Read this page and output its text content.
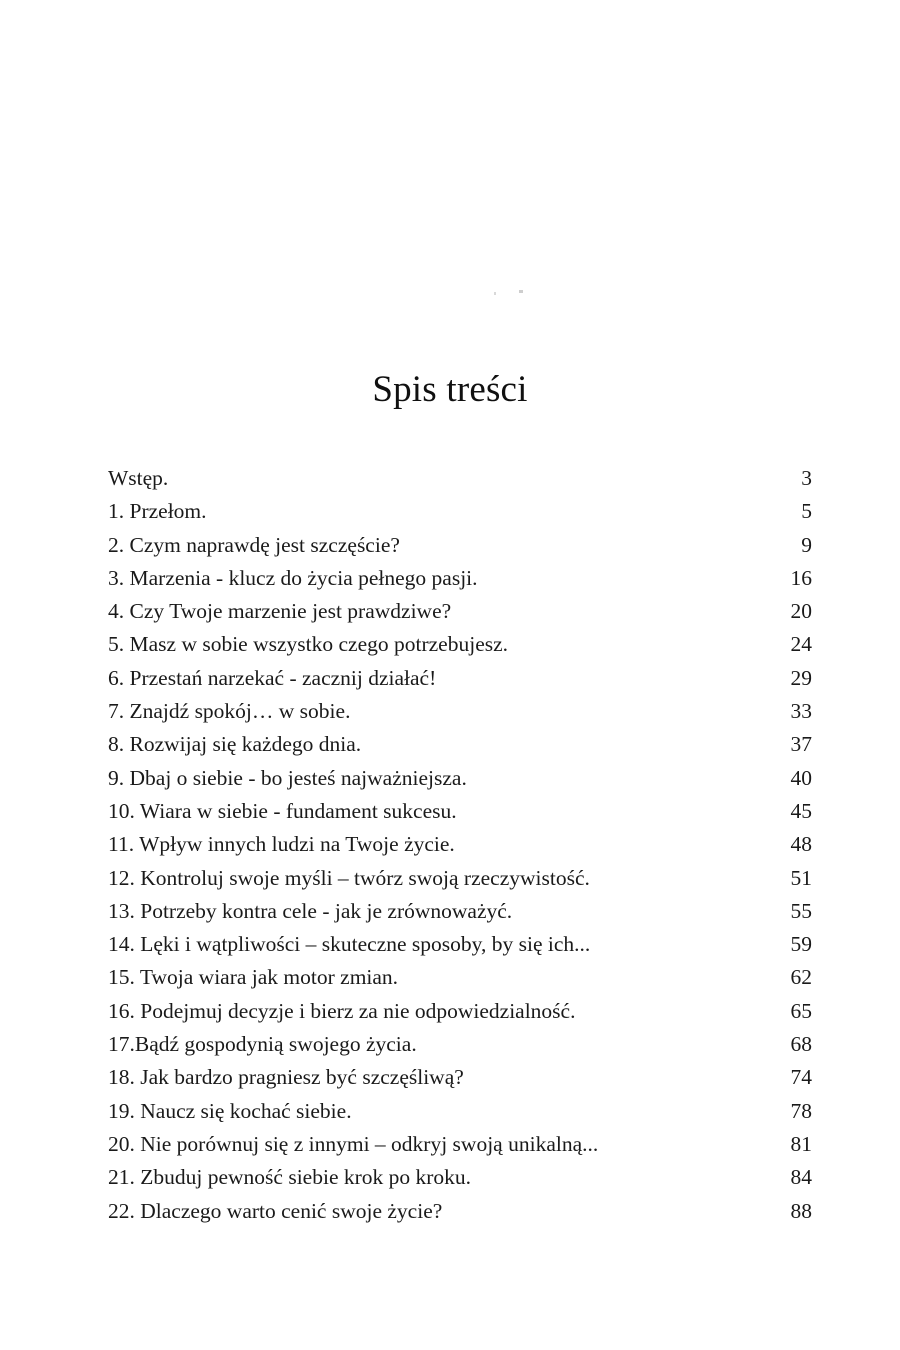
Spis treści
Wstęp.	3
1. Przełom.	5
2. Czym naprawdę jest szczęście?	9
3. Marzenia - klucz do życia pełnego pasji.	16
4. Czy Twoje marzenie jest prawdziwe?	20
5. Masz w sobie wszystko czego potrzebujesz.	24
6. Przestań narzekać - zacznij działać!	29
7. Znajdź spokój… w sobie.	33
8. Rozwijaj się każdego dnia.	37
9. Dbaj o siebie - bo jesteś najważniejsza.	40
10. Wiara w siebie - fundament sukcesu.	45
11. Wpływ innych ludzi na Twoje życie.	48
12. Kontroluj swoje myśli – twórz swoją rzeczywistość.	51
13. Potrzeby kontra cele - jak je zrównoważyć.	55
14. Lęki i wątpliwości – skuteczne sposoby, by się ich...	59
15. Twoja wiara jak motor zmian.	62
16. Podejmuj decyzje i bierz za nie odpowiedzialność.	65
17.Bądź gospodynią swojego życia.	68
18. Jak bardzo pragniesz być szczęśliwą?	74
19. Naucz się kochać siebie.	78
20. Nie porównuj się z innymi – odkryj swoją unikalną...	81
21. Zbuduj pewność siebie krok po kroku.	84
22. Dlaczego warto cenić swoje życie?	88
